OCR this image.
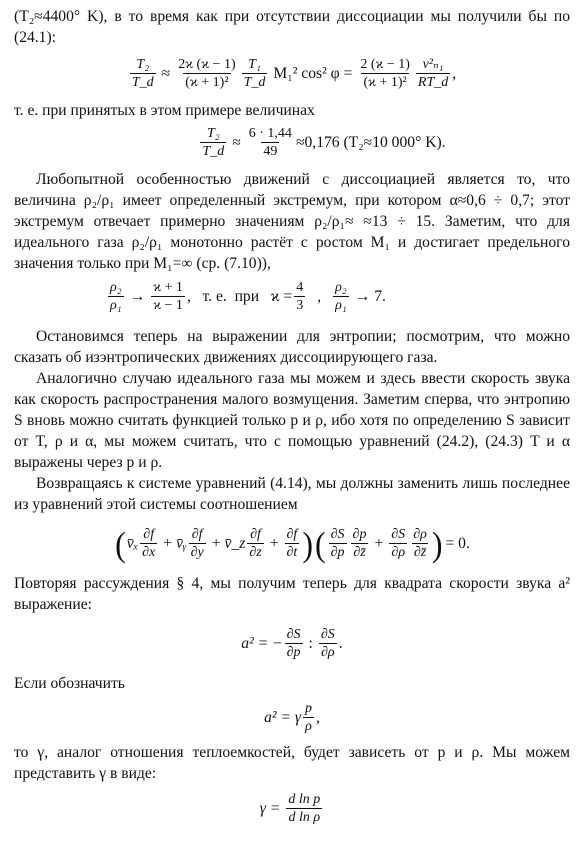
(T₂≈4400° K), в то время как при отсутствии диссоциации мы получили бы по (24.1):

$\frac{\text{T₂}}{T\_d} \approx \frac{2ϰ (ϰ - 1)}{\text{(ϰ + 1)²}} \frac{\text{T₁}}{T\_d} M_1^2$ cos² $\varphi = \frac{2 (ϰ - 1)}{\text{(ϰ + 1)²}} \frac{\text{v²ₙ₁}}{RT\_d}$ ,

т. е. при принятых в этом примере величинах

$\frac{\text{T₂}}{T\_d} \approx \frac{6 \cdot 1,44}{49} \approx 0,176$ (T₂≈10 000° K).

Любопытной особенностью движений с диссоциацией является то, что величина ρ₂/ρ₁ имеет определенный экстремум, при котором α≈0,6 ÷ 0,7; этот экстремум отвечает примерно значениям ρ₂/ρ₁≈ ≈13 ÷ 15. Заметим, что для идеального газа ρ₂/ρ₁ монотонно растёт с ростом M₁ и достигает предельного значения только при M₁=∞ (ср. (7.10)),

$\frac{\text{ρ₂}}{\text{ρ₁}} \to \frac{ϰ + 1}{ϰ - 1}$ ,   т. е.  при   $ϰ = \frac{4}{3}$ , $\frac{\text{ρ₂}}{\text{ρ₁}} \to 7$.

Остановимся теперь на выражении для энтропии; посмотрим, что можно сказать об изэнтропических движениях диссоциирующего газа.

Аналогично случаю идеального газа мы можем и здесь ввести скорость звука как скорость распространения малого возмущения. Заметим сперва, что энтропию S вновь можно считать функцией только p и ρ, ибо хотя по определению S зависит от T, ρ и α, мы можем считать, что с помощью уравнений (24.2), (24.3) T и α выражены через p и ρ.

Возвращаясь к системе уравнений (4.14), мы должны заменить лишь последнее из уравнений этой системы соотношением

( v̄ₓ $\frac{\partial f}{\partial x}$ + v̄ᵧ $\frac{\partial f}{\partial y}$ + v̄_z $\frac{\partial f}{\partial z} + \frac{\partial f}{\partial t}$ ) ( $\frac{\partial S}{\partial p} \frac{\partial p}{\partial z̄} + \frac{\partial S}{\partial\rho} \frac{\partial\rho}{\partial z̄}$ ) = 0.

Повторяя рассуждения § 4, мы получим теперь для квадрата скорости звука a² выражение:

a² = − $\frac{\partial S}{\partial p}$ : $\frac{\partial S}{\partial\rho}$ .

Если обозначить

a² = γ $\frac{p}{\rho}$ ,

то γ, аналог отношения теплоемкостей, будет зависеть от p и ρ. Мы можем представить γ в виде:

$\gamma = \frac{\text{d ln p}}{\text{d ln ρ}}$
